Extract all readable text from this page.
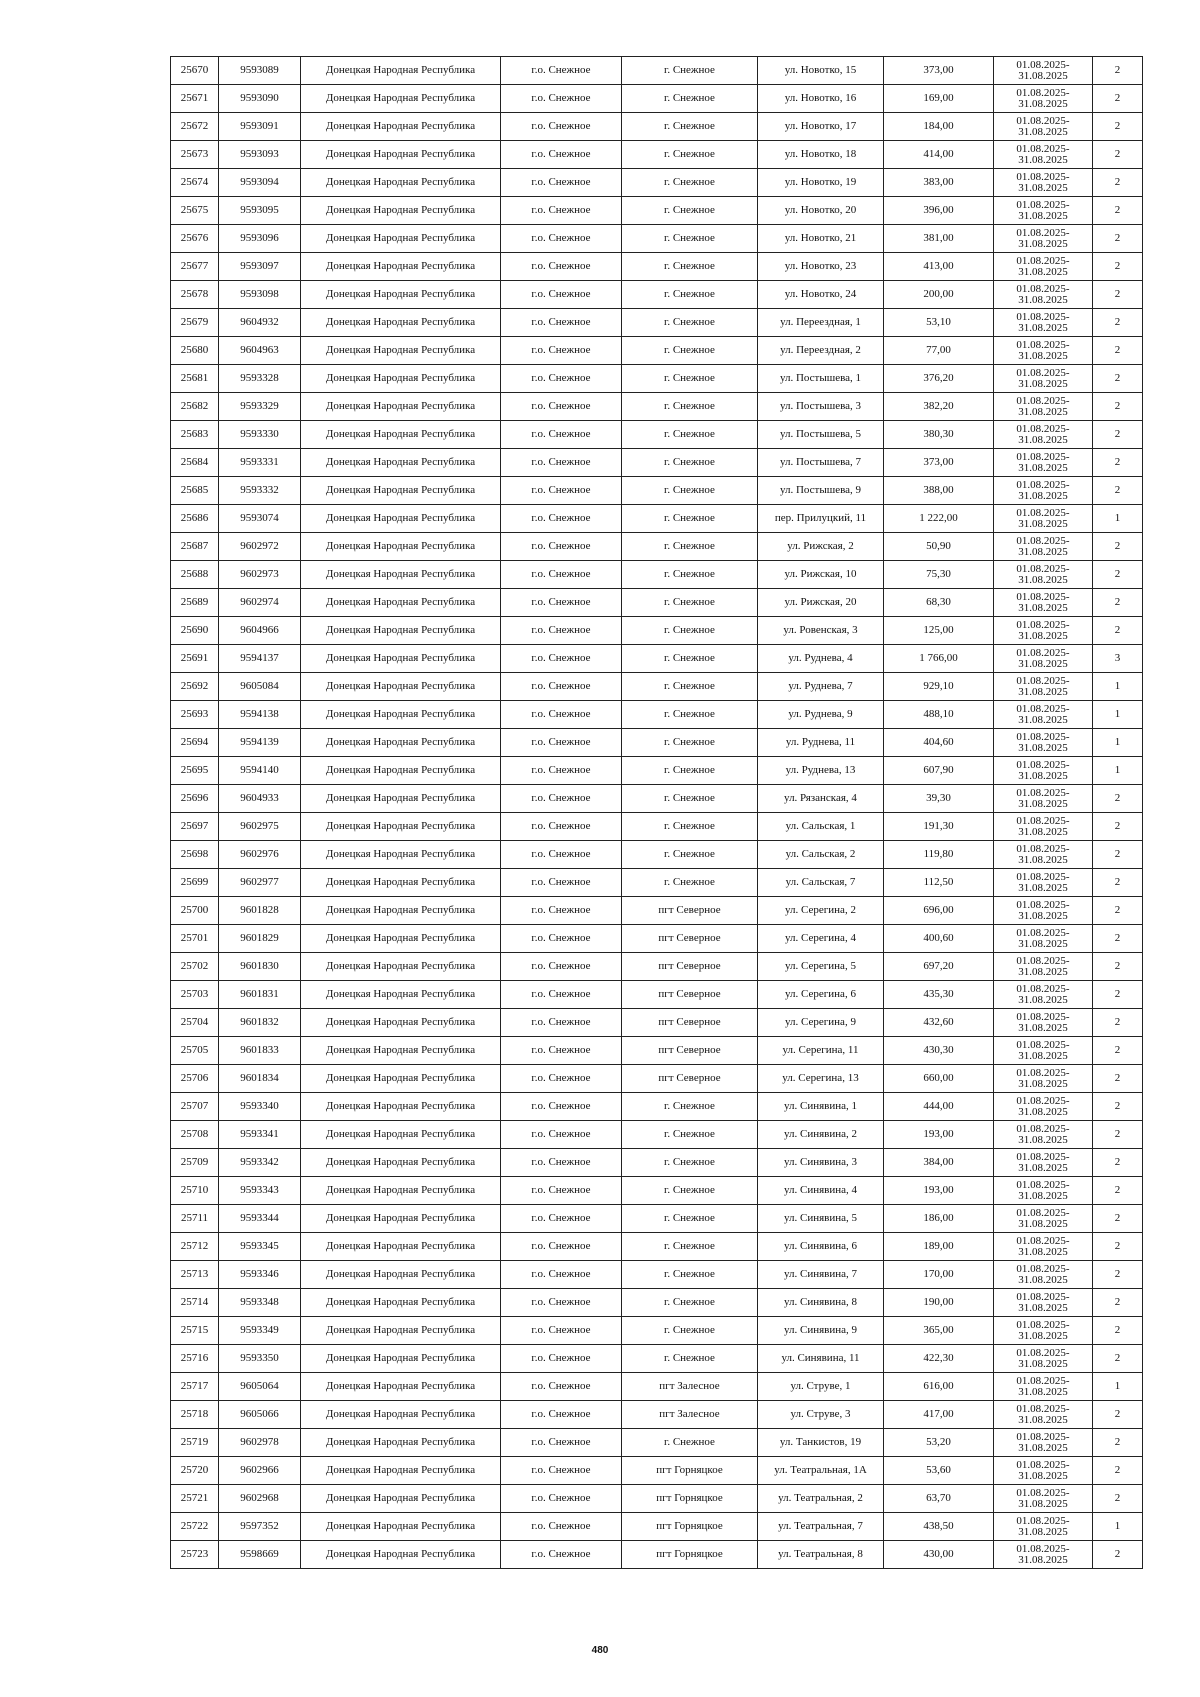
25670	9593089	Донецкая Народная Республика	г.о. Снежное	г. Снежное	ул. Новотко, 15	373,00	01.08.2025-31.08.2025	2
25671	9593090	Донецкая Народная Республика	г.о. Снежное	г. Снежное	ул. Новотко, 16	169,00	01.08.2025-31.08.2025	2
25672	9593091	Донецкая Народная Республика	г.о. Снежное	г. Снежное	ул. Новотко, 17	184,00	01.08.2025-31.08.2025	2
25673	9593093	Донецкая Народная Республика	г.о. Снежное	г. Снежное	ул. Новотко, 18	414,00	01.08.2025-31.08.2025	2
25674	9593094	Донецкая Народная Республика	г.о. Снежное	г. Снежное	ул. Новотко, 19	383,00	01.08.2025-31.08.2025	2
25675	9593095	Донецкая Народная Республика	г.о. Снежное	г. Снежное	ул. Новотко, 20	396,00	01.08.2025-31.08.2025	2
25676	9593096	Донецкая Народная Республика	г.о. Снежное	г. Снежное	ул. Новотко, 21	381,00	01.08.2025-31.08.2025	2
25677	9593097	Донецкая Народная Республика	г.о. Снежное	г. Снежное	ул. Новотко, 23	413,00	01.08.2025-31.08.2025	2
25678	9593098	Донецкая Народная Республика	г.о. Снежное	г. Снежное	ул. Новотко, 24	200,00	01.08.2025-31.08.2025	2
25679	9604932	Донецкая Народная Республика	г.о. Снежное	г. Снежное	ул. Переездная, 1	53,10	01.08.2025-31.08.2025	2
25680	9604963	Донецкая Народная Республика	г.о. Снежное	г. Снежное	ул. Переездная, 2	77,00	01.08.2025-31.08.2025	2
25681	9593328	Донецкая Народная Республика	г.о. Снежное	г. Снежное	ул. Постышева, 1	376,20	01.08.2025-31.08.2025	2
25682	9593329	Донецкая Народная Республика	г.о. Снежное	г. Снежное	ул. Постышева, 3	382,20	01.08.2025-31.08.2025	2
25683	9593330	Донецкая Народная Республика	г.о. Снежное	г. Снежное	ул. Постышева, 5	380,30	01.08.2025-31.08.2025	2
25684	9593331	Донецкая Народная Республика	г.о. Снежное	г. Снежное	ул. Постышева, 7	373,00	01.08.2025-31.08.2025	2
25685	9593332	Донецкая Народная Республика	г.о. Снежное	г. Снежное	ул. Постышева, 9	388,00	01.08.2025-31.08.2025	2
25686	9593074	Донецкая Народная Республика	г.о. Снежное	г. Снежное	пер. Прилуцкий, 11	1 222,00	01.08.2025-31.08.2025	1
25687	9602972	Донецкая Народная Республика	г.о. Снежное	г. Снежное	ул. Рижская, 2	50,90	01.08.2025-31.08.2025	2
25688	9602973	Донецкая Народная Республика	г.о. Снежное	г. Снежное	ул. Рижская, 10	75,30	01.08.2025-31.08.2025	2
25689	9602974	Донецкая Народная Республика	г.о. Снежное	г. Снежное	ул. Рижская, 20	68,30	01.08.2025-31.08.2025	2
25690	9604966	Донецкая Народная Республика	г.о. Снежное	г. Снежное	ул. Ровенская, 3	125,00	01.08.2025-31.08.2025	2
25691	9594137	Донецкая Народная Республика	г.о. Снежное	г. Снежное	ул. Руднева, 4	1 766,00	01.08.2025-31.08.2025	3
25692	9605084	Донецкая Народная Республика	г.о. Снежное	г. Снежное	ул. Руднева, 7	929,10	01.08.2025-31.08.2025	1
25693	9594138	Донецкая Народная Республика	г.о. Снежное	г. Снежное	ул. Руднева, 9	488,10	01.08.2025-31.08.2025	1
25694	9594139	Донецкая Народная Республика	г.о. Снежное	г. Снежное	ул. Руднева, 11	404,60	01.08.2025-31.08.2025	1
25695	9594140	Донецкая Народная Республика	г.о. Снежное	г. Снежное	ул. Руднева, 13	607,90	01.08.2025-31.08.2025	1
25696	9604933	Донецкая Народная Республика	г.о. Снежное	г. Снежное	ул. Рязанская, 4	39,30	01.08.2025-31.08.2025	2
25697	9602975	Донецкая Народная Республика	г.о. Снежное	г. Снежное	ул. Сальская, 1	191,30	01.08.2025-31.08.2025	2
25698	9602976	Донецкая Народная Республика	г.о. Снежное	г. Снежное	ул. Сальская, 2	119,80	01.08.2025-31.08.2025	2
25699	9602977	Донецкая Народная Республика	г.о. Снежное	г. Снежное	ул. Сальская, 7	112,50	01.08.2025-31.08.2025	2
25700	9601828	Донецкая Народная Республика	г.о. Снежное	пгт Северное	ул. Серегина, 2	696,00	01.08.2025-31.08.2025	2
25701	9601829	Донецкая Народная Республика	г.о. Снежное	пгт Северное	ул. Серегина, 4	400,60	01.08.2025-31.08.2025	2
25702	9601830	Донецкая Народная Республика	г.о. Снежное	пгт Северное	ул. Серегина, 5	697,20	01.08.2025-31.08.2025	2
25703	9601831	Донецкая Народная Республика	г.о. Снежное	пгт Северное	ул. Серегина, 6	435,30	01.08.2025-31.08.2025	2
25704	9601832	Донецкая Народная Республика	г.о. Снежное	пгт Северное	ул. Серегина, 9	432,60	01.08.2025-31.08.2025	2
25705	9601833	Донецкая Народная Республика	г.о. Снежное	пгт Северное	ул. Серегина, 11	430,30	01.08.2025-31.08.2025	2
25706	9601834	Донецкая Народная Республика	г.о. Снежное	пгт Северное	ул. Серегина, 13	660,00	01.08.2025-31.08.2025	2
25707	9593340	Донецкая Народная Республика	г.о. Снежное	г. Снежное	ул. Синявина, 1	444,00	01.08.2025-31.08.2025	2
25708	9593341	Донецкая Народная Республика	г.о. Снежное	г. Снежное	ул. Синявина, 2	193,00	01.08.2025-31.08.2025	2
25709	9593342	Донецкая Народная Республика	г.о. Снежное	г. Снежное	ул. Синявина, 3	384,00	01.08.2025-31.08.2025	2
25710	9593343	Донецкая Народная Республика	г.о. Снежное	г. Снежное	ул. Синявина, 4	193,00	01.08.2025-31.08.2025	2
25711	9593344	Донецкая Народная Республика	г.о. Снежное	г. Снежное	ул. Синявина, 5	186,00	01.08.2025-31.08.2025	2
25712	9593345	Донецкая Народная Республика	г.о. Снежное	г. Снежное	ул. Синявина, 6	189,00	01.08.2025-31.08.2025	2
25713	9593346	Донецкая Народная Республика	г.о. Снежное	г. Снежное	ул. Синявина, 7	170,00	01.08.2025-31.08.2025	2
25714	9593348	Донецкая Народная Республика	г.о. Снежное	г. Снежное	ул. Синявина, 8	190,00	01.08.2025-31.08.2025	2
25715	9593349	Донецкая Народная Республика	г.о. Снежное	г. Снежное	ул. Синявина, 9	365,00	01.08.2025-31.08.2025	2
25716	9593350	Донецкая Народная Республика	г.о. Снежное	г. Снежное	ул. Синявина, 11	422,30	01.08.2025-31.08.2025	2
25717	9605064	Донецкая Народная Республика	г.о. Снежное	пгт Залесное	ул. Струве, 1	616,00	01.08.2025-31.08.2025	1
25718	9605066	Донецкая Народная Республика	г.о. Снежное	пгт Залесное	ул. Струве, 3	417,00	01.08.2025-31.08.2025	2
25719	9602978	Донецкая Народная Республика	г.о. Снежное	г. Снежное	ул. Танкистов, 19	53,20	01.08.2025-31.08.2025	2
25720	9602966	Донецкая Народная Республика	г.о. Снежное	пгт Горняцкое	ул. Театральная, 1А	53,60	01.08.2025-31.08.2025	2
25721	9602968	Донецкая Народная Республика	г.о. Снежное	пгт Горняцкое	ул. Театральная, 2	63,70	01.08.2025-31.08.2025	2
25722	9597352	Донецкая Народная Республика	г.о. Снежное	пгт Горняцкое	ул. Театральная, 7	438,50	01.08.2025-31.08.2025	1
25723	9598669	Донецкая Народная Республика	г.о. Снежное	пгт Горняцкое	ул. Театральная, 8	430,00	01.08.2025-31.08.2025	2
480
